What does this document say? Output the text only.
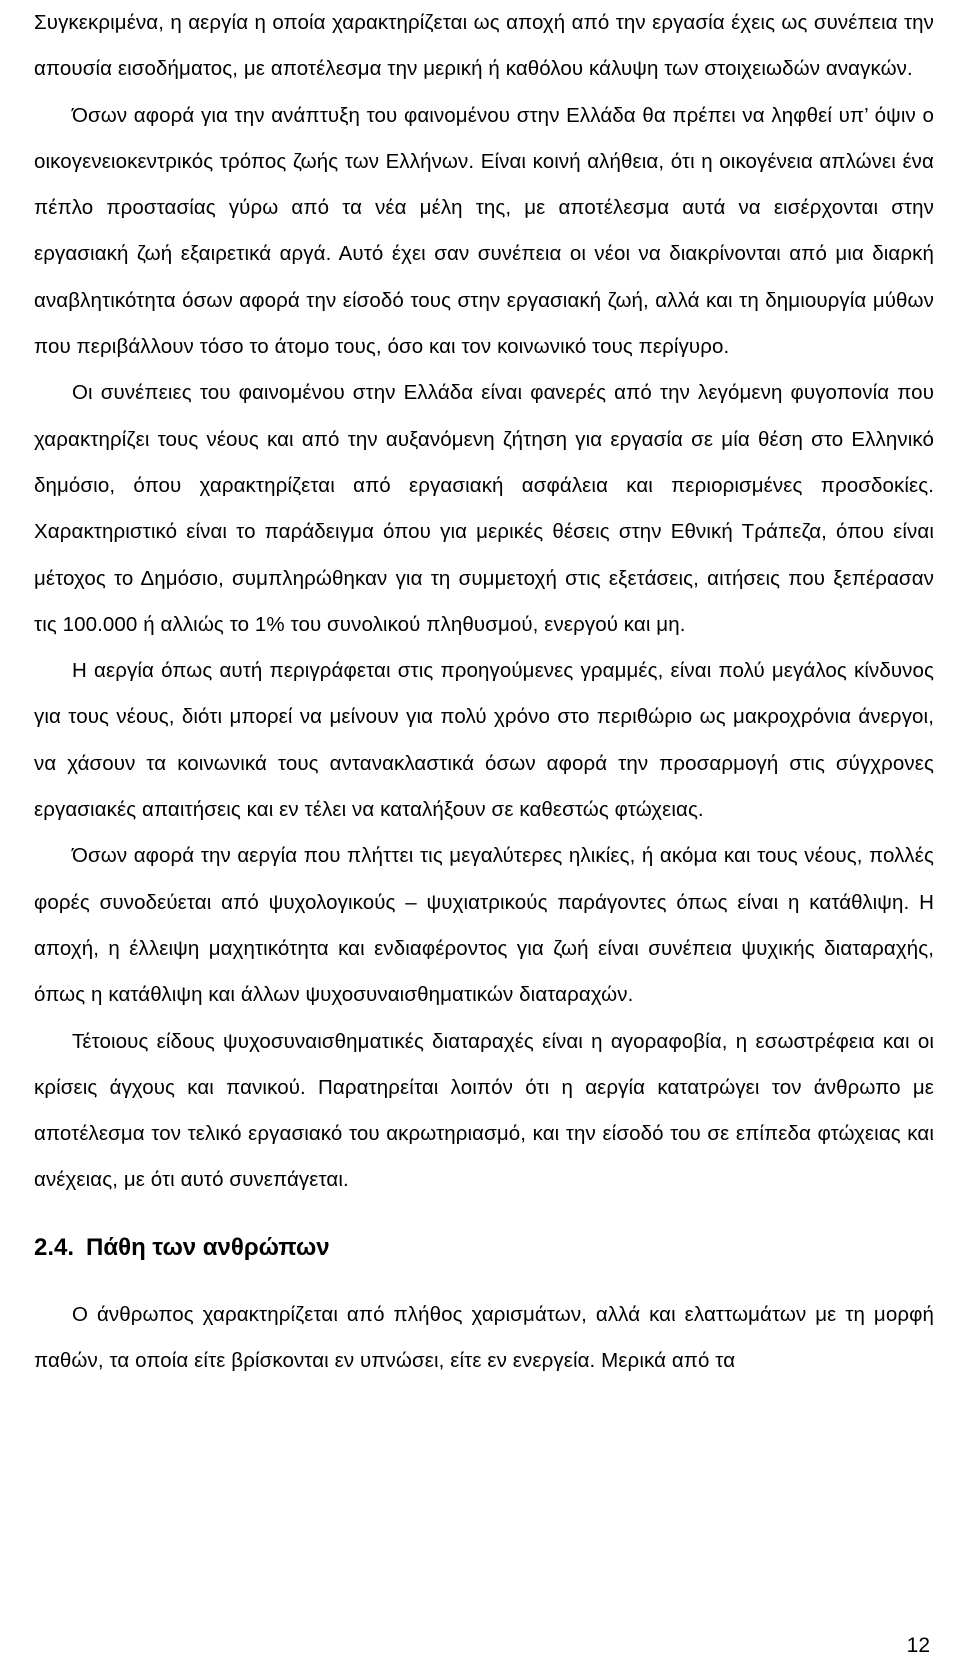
Συγκεκριμένα, η αεργία η οποία χαρακτηρίζεται ως αποχή από την εργασία έχεις ως συνέπεια την απουσία εισοδήματος, με αποτέλεσμα την μερική ή καθόλου κάλυψη των στοιχειωδών αναγκών.

Όσων αφορά για την ανάπτυξη του φαινομένου στην Ελλάδα θα πρέπει να ληφθεί υπ’ όψιν ο οικογενειοκεντρικός τρόπος ζωής των Ελλήνων. Είναι κοινή αλήθεια, ότι η οικογένεια απλώνει ένα πέπλο προστασίας γύρω από τα νέα μέλη της, με αποτέλεσμα αυτά να εισέρχονται στην εργασιακή ζωή εξαιρετικά αργά. Αυτό έχει σαν συνέπεια οι νέοι να διακρίνονται από μια διαρκή αναβλητικότητα όσων αφορά την είσοδό τους στην εργασιακή ζωή, αλλά και τη δημιουργία μύθων που περιβάλλουν τόσο το άτομο τους, όσο και τον κοινωνικό τους περίγυρο.

Οι συνέπειες του φαινομένου στην Ελλάδα είναι φανερές από την λεγόμενη φυγοπονία που χαρακτηρίζει τους νέους και από την αυξανόμενη ζήτηση για εργασία σε μία θέση στο Ελληνικό δημόσιο, όπου χαρακτηρίζεται από εργασιακή ασφάλεια και περιορισμένες προσδοκίες. Χαρακτηριστικό είναι το παράδειγμα όπου για μερικές θέσεις στην Εθνική Τράπεζα, όπου είναι μέτοχος το Δημόσιο, συμπληρώθηκαν για τη συμμετοχή στις εξετάσεις, αιτήσεις που ξεπέρασαν τις 100.000 ή αλλιώς το 1% του συνολικού πληθυσμού, ενεργού και μη.

Η αεργία όπως αυτή περιγράφεται στις προηγούμενες γραμμές, είναι πολύ μεγάλος κίνδυνος για τους νέους, διότι μπορεί να μείνουν για πολύ χρόνο στο περιθώριο ως μακροχρόνια άνεργοι, να χάσουν τα κοινωνικά τους αντανακλαστικά όσων αφορά την προσαρμογή στις σύγχρονες εργασιακές απαιτήσεις και εν τέλει να καταλήξουν σε καθεστώς φτώχειας.

Όσων αφορά την αεργία που πλήττει τις μεγαλύτερες ηλικίες, ή ακόμα και τους νέους, πολλές φορές συνοδεύεται από ψυχολογικούς – ψυχιατρικούς παράγοντες όπως είναι η κατάθλιψη. Η αποχή, η έλλειψη μαχητικότητα και ενδιαφέροντος για ζωή είναι συνέπεια ψυχικής διαταραχής, όπως η κατάθλιψη και άλλων ψυχοσυναισθηματικών διαταραχών.

Τέτοιους είδους ψυχοσυναισθηματικές διαταραχές είναι η αγοραφοβία, η εσωστρέφεια και οι κρίσεις άγχους και πανικού. Παρατηρείται λοιπόν ότι η αεργία κατατρώγει τον άνθρωπο με αποτέλεσμα τον τελικό εργασιακό του ακρωτηριασμό, και την είσοδό του σε επίπεδα φτώχειας και ανέχειας, με ότι αυτό συνεπάγεται.

2.4. Πάθη των ανθρώπων

Ο άνθρωπος χαρακτηρίζεται από πλήθος χαρισμάτων, αλλά και ελαττωμάτων με τη μορφή παθών, τα οποία είτε βρίσκονται εν υπνώσει, είτε εν ενεργεία. Μερικά από τα

12
